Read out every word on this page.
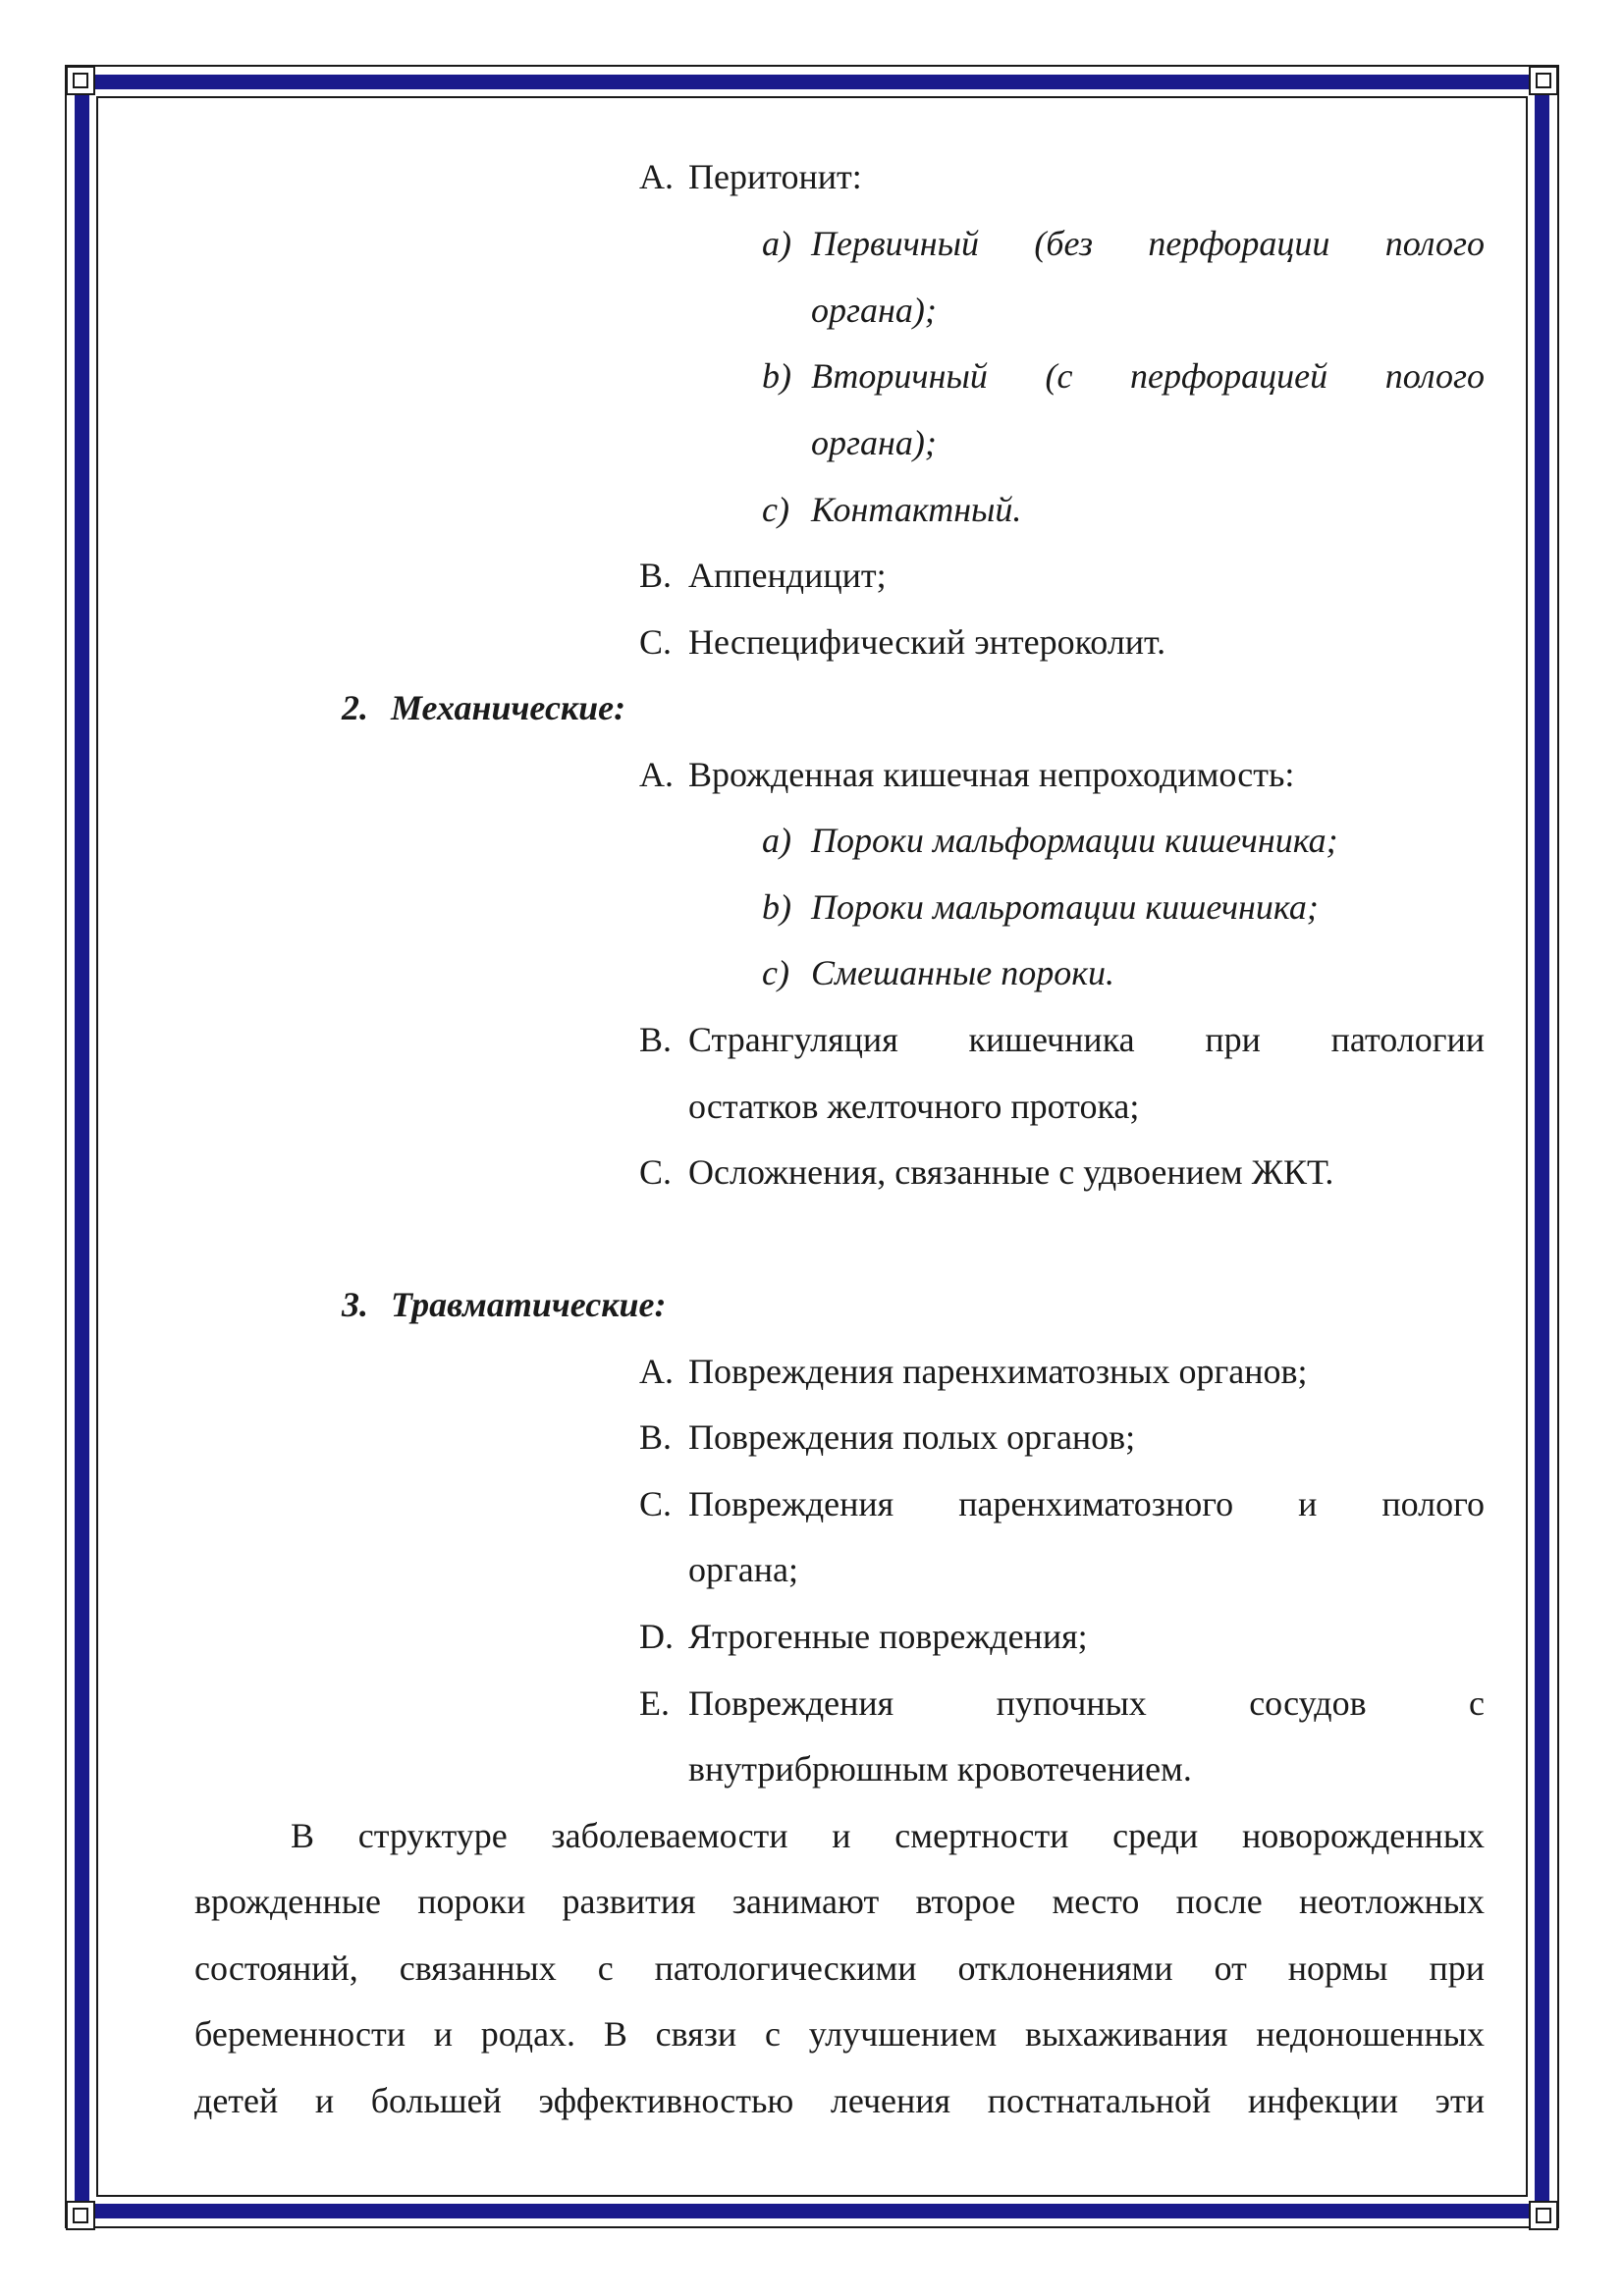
A. Перитонит:
a) Первичный (без перфорации полого
органа);
b) Вторичный (с перфорацией полого
органа);
c) Контактный.
B. Аппендицит;
C. Неспецифический энтероколит.
2. Механические:
A. Врожденная кишечная непроходимость:
a) Пороки мальформации кишечника;
b) Пороки мальротации кишечника;
c) Смешанные пороки.
B. Странгуляция кишечника при патологии
остатков желточного протока;
C. Осложнения, связанные с удвоением ЖКТ.
3. Травматические:
A. Повреждения паренхиматозных органов;
B. Повреждения полых органов;
C. Повреждения паренхиматозного и полого
органа;
D. Ятрогенные повреждения;
E. Повреждения пупочных сосудов с
внутрибрюшным кровотечением.
В структуре заболеваемости и смертности среди новорожденных
врожденные пороки развития занимают второе место после неотложных
состояний, связанных с патологическими отклонениями от нормы при
беременности и родах. В связи с улучшением выхаживания недоношенных
детей и большей эффективностью лечения постнатальной инфекции эти
